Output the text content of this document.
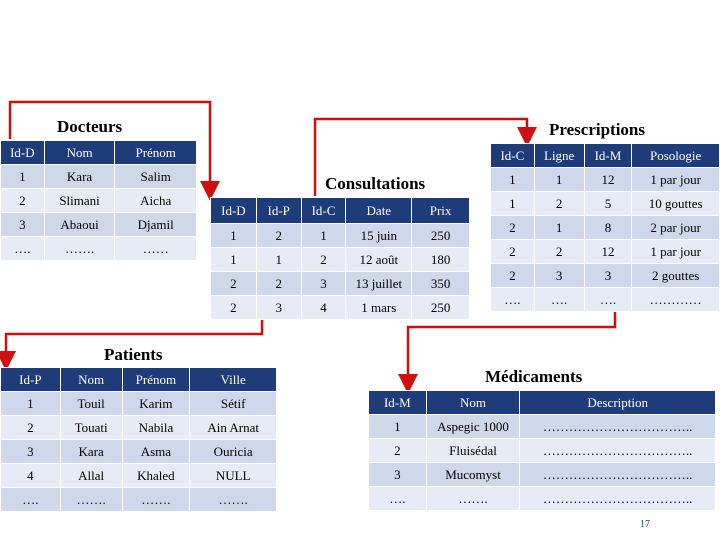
Docteurs
Id-D	Nom	Prénom
1	Kara	Salim
2	Slimani	Aicha
3	Abaoui	Djamil
….	…….	……
Prescriptions
Id-C	Ligne	Id-M	Posologie
1	1	12	1 par jour
1	2	5	10 gouttes
2	1	8	2 par jour
2	2	12	1 par jour
2	3	3	2 gouttes
….	….	….	…………
Consultations
Id-D	Id-P	Id-C	Date	Prix
1	2	1	15 juin	250
1	1	2	12 août	180
2	2	3	13 juillet	350
2	3	4	1 mars	250
Patients
Id-P	Nom	Prénom	Ville
1	Touil	Karim	Sétif
2	Touati	Nabila	Ain Arnat
3	Kara	Asma	Ouricia
4	Allal	Khaled	NULL
….	…….	…….	…….
Médicaments
Id-M	Nom	Description
1	Aspegic 1000	……………………………..
2	Fluisédal	……………………………..
3	Mucomyst	……………………………..
….	…….	……………………………..
17
